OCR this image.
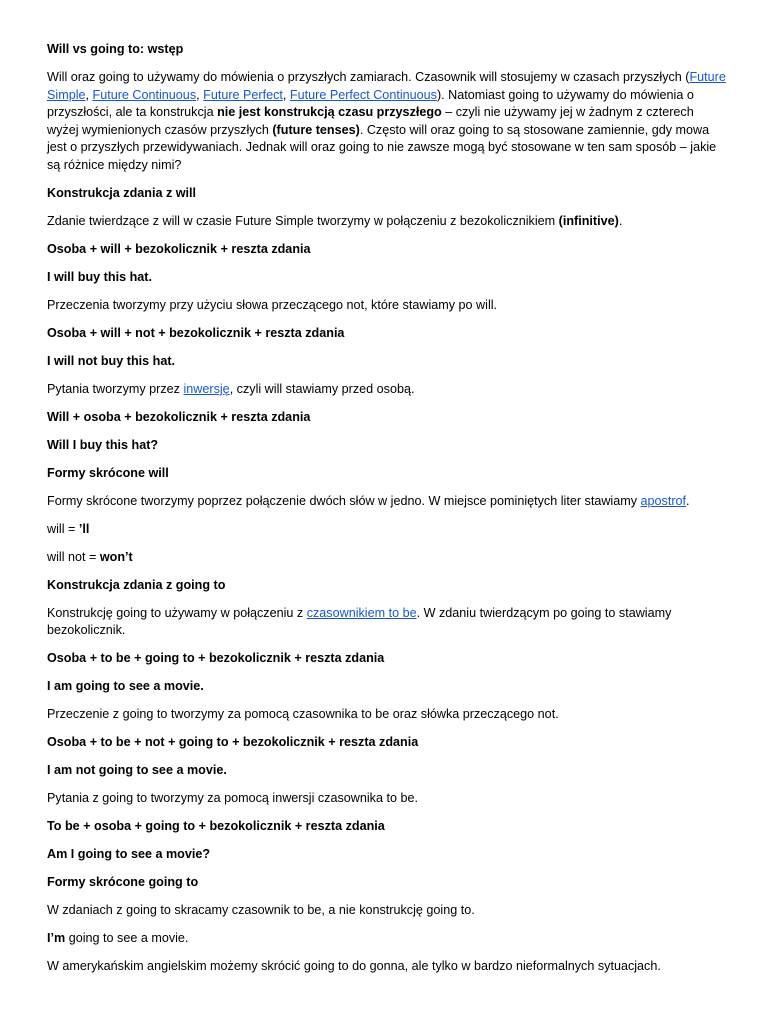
Will vs going to: wstęp

Will oraz going to używamy do mówienia o przyszłych zamiarach. Czasownik will stosujemy w czasach przyszłych (Future Simple, Future Continuous, Future Perfect, Future Perfect Continuous). Natomiast going to używamy do mówienia o przyszłości, ale ta konstrukcja nie jest konstrukcją czasu przyszłego – czyli nie używamy jej w żadnym z czterech wyżej wymienionych czasów przyszłych (future tenses). Często will oraz going to są stosowane zamiennie, gdy mowa jest o przyszłych przewidywaniach. Jednak will oraz going to nie zawsze mogą być stosowane w ten sam sposób – jakie są różnice między nimi?

Konstrukcja zdania z will

Zdanie twierdzące z will w czasie Future Simple tworzymy w połączeniu z bezokolicznikiem (infinitive).

Osoba + will + bezokolicznik + reszta zdania

I will buy this hat.

Przeczenia tworzymy przy użyciu słowa przeczącego not, które stawiamy po will.

Osoba + will + not + bezokolicznik + reszta zdania

I will not buy this hat.

Pytania tworzymy przez inwersję, czyli will stawiamy przed osobą.

Will + osoba + bezokolicznik + reszta zdania

Will I buy this hat?

Formy skrócone will

Formy skrócone tworzymy poprzez połączenie dwóch słów w jedno. W miejsce pominiętych liter stawiamy apostrof.

will = ’ll

will not = won’t

Konstrukcja zdania z going to

Konstrukcję going to używamy w połączeniu z czasownikiem to be. W zdaniu twierdzącym po going to stawiamy bezokolicznik.

Osoba + to be + going to + bezokolicznik + reszta zdania

I am going to see a movie.

Przeczenie z going to tworzymy za pomocą czasownika to be oraz słówka przeczącego not.

Osoba + to be + not + going to + bezokolicznik + reszta zdania

I am not going to see a movie.

Pytania z going to tworzymy za pomocą inwersji czasownika to be.

To be + osoba + going to + bezokolicznik + reszta zdania

Am I going to see a movie?

Formy skrócone going to

W zdaniach z going to skracamy czasownik to be, a nie konstrukcję going to.

I’m going to see a movie.

W amerykańskim angielskim możemy skrócić going to do gonna, ale tylko w bardzo nieformalnych sytuacjach.
